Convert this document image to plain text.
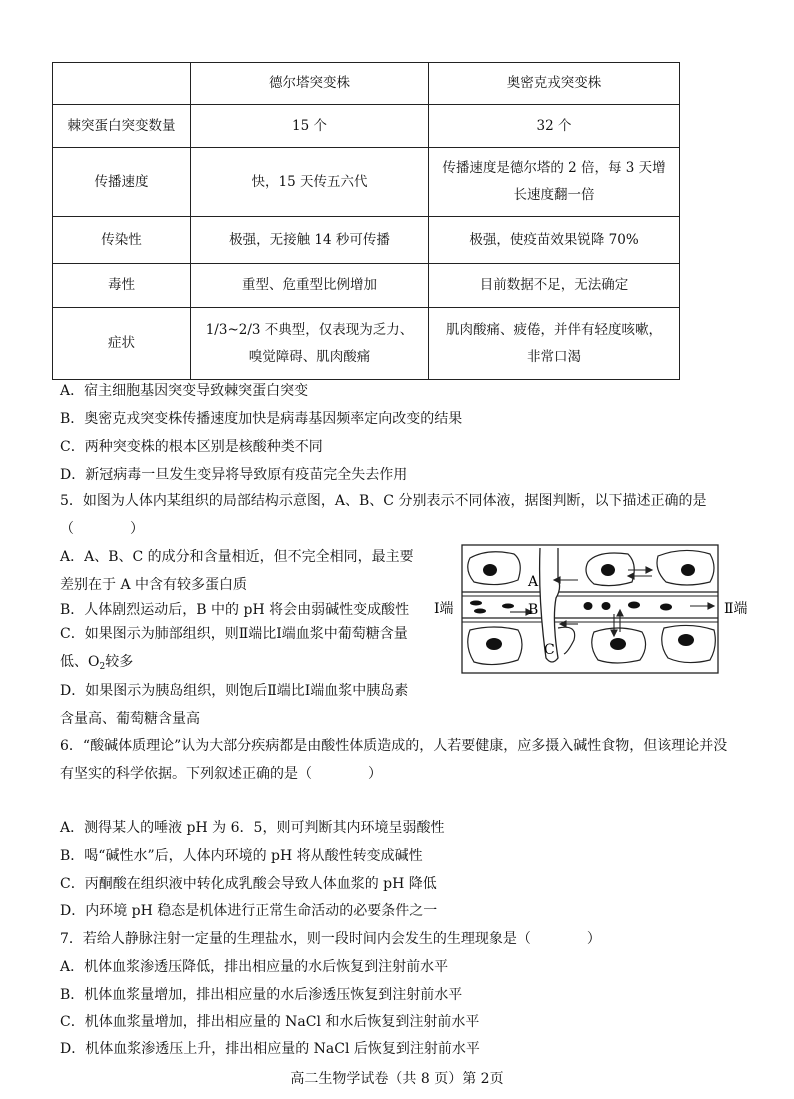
	德尔塔突变株	奥密克戎突变株
棘突蛋白突变数量	15 个	32 个
传播速度	快，15 天传五六代	传播速度是德尔塔的 2 倍，每 3 天增长速度翻一倍
传染性	极强，无接触 14 秒可传播	极强，使疫苗效果锐降 70%
毒性	重型、危重型比例增加	目前数据不足，无法确定
症状	1/3~2/3 不典型，仅表现为乏力、嗅觉障碍、肌肉酸痛	肌肉酸痛、疲倦，并伴有轻度咳嗽，非常口渴
A．宿主细胞基因突变导致棘突蛋白突变
B．奥密克戎突变株传播速度加快是病毒基因频率定向改变的结果
C．两种突变株的根本区别是核酸种类不同
D．新冠病毒一旦发生变异将导致原有疫苗完全失去作用
5．如图为人体内某组织的局部结构示意图，A、B、C 分别表示不同体液，据图判断，以下描述正确的是（　　　　）
A．A、B、C 的成分和含量相近，但不完全相同，最主要差别在于 A 中含有较多蛋白质
B．人体剧烈运动后，B 中的 pH 将会由弱碱性变成酸性
C．如果图示为肺部组织，则Ⅱ端比Ⅰ端血浆中葡萄糖含量低、$O_2$较多
D．如果图示为胰岛组织，则饱后Ⅱ端比Ⅰ端血浆中胰岛素含量高、葡萄糖含量高
Ⅰ端	Ⅱ端
A
B
C
6．“酸碱体质理论”认为大部分疾病都是由酸性体质造成的，人若要健康，应多摄入碱性食物，但该理论并没有坚实的科学依据。下列叙述正确的是（　　　　）
A．测得某人的唾液 pH 为 6．5，则可判断其内环境呈弱酸性
B．喝“碱性水”后，人体内环境的 pH 将从酸性转变成碱性
C．丙酮酸在组织液中转化成乳酸会导致人体血浆的 pH 降低
D．内环境 pH 稳态是机体进行正常生命活动的必要条件之一
7．若给人静脉注射一定量的生理盐水，则一段时间内会发生的生理现象是（　　　　）
A．机体血浆渗透压降低，排出相应量的水后恢复到注射前水平
B．机体血浆量增加，排出相应量的水后渗透压恢复到注射前水平
C．机体血浆量增加，排出相应量的 NaCl 和水后恢复到注射前水平
D．机体血浆渗透压上升，排出相应量的 NaCl 后恢复到注射前水平
高二生物学试卷（共 8 页）第 2页
